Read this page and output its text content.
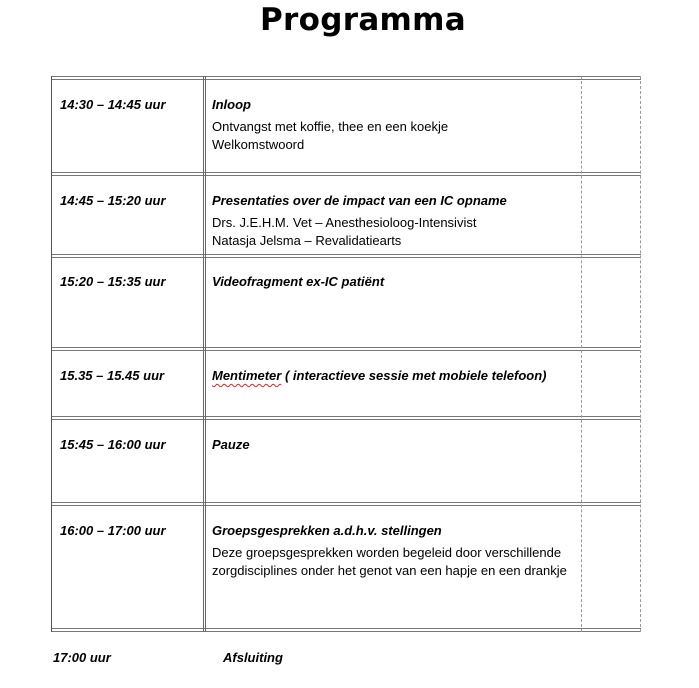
Programma
14:30 – 14:45 uur	Inloop
Ontvangst met koffie, thee en een koekje
Welkomstwoord
14:45 – 15:20 uur	Presentaties over de impact van een IC opname
Drs. J.E.H.M. Vet – Anesthesioloog-Intensivist
Natasja Jelsma – Revalidatiearts
15:20 – 15:35 uur	Videofragment ex-IC patiënt
15.35 – 15.45 uur	Mentimeter ( interactieve sessie met mobiele telefoon)
15:45 – 16:00 uur	Pauze
16:00 – 17:00 uur	Groepsgesprekken a.d.h.v. stellingen
Deze groepsgesprekken worden begeleid door verschillende zorgdisciplines onder het genot van een hapje en een drankje
17:00 uur	Afsluiting
